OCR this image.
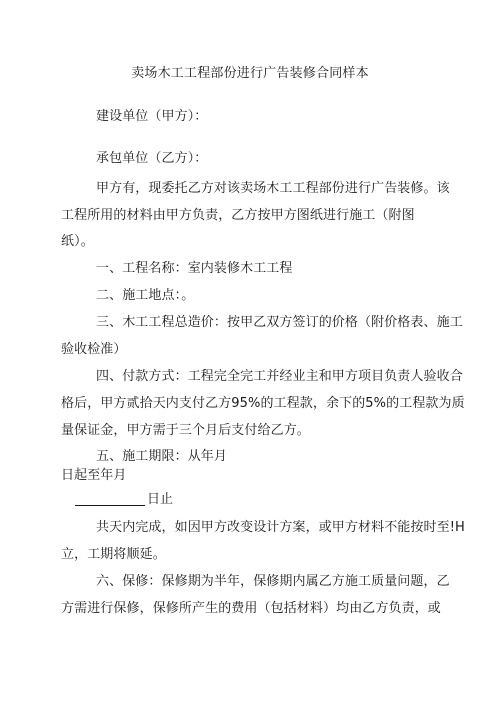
卖场木工工程部份进行广告装修合同样本
建设单位（甲方）：
承包单位（乙方）：
甲方有，现委托乙方对该卖场木工工程部份进行广告装修。该
工程所用的材料由甲方负责，乙方按甲方图纸进行施工（附图
纸）。
一、工程名称：室内装修木工工程
二、施工地点：。
三、木工工程总造价：按甲乙双方签订的价格（附价格表、施工
验收检准）
四、付款方式：工程完全完工并经业主和甲方项目负责人验收合
格后，甲方贰拾天内支付乙方95%的工程款，余下的5%的工程款为质
量保证金，甲方需于三个月后支付给乙方。
五、施工期限：从年月
日起至年月
日止
共天内完成，如因甲方改变设计方案，或甲方材料不能按时至!H
立，工期将顺延。
六、保修：保修期为半年，保修期内属乙方施工质量问题，乙
方需进行保修，保修所产生的费用（包括材料）均由乙方负责，或
